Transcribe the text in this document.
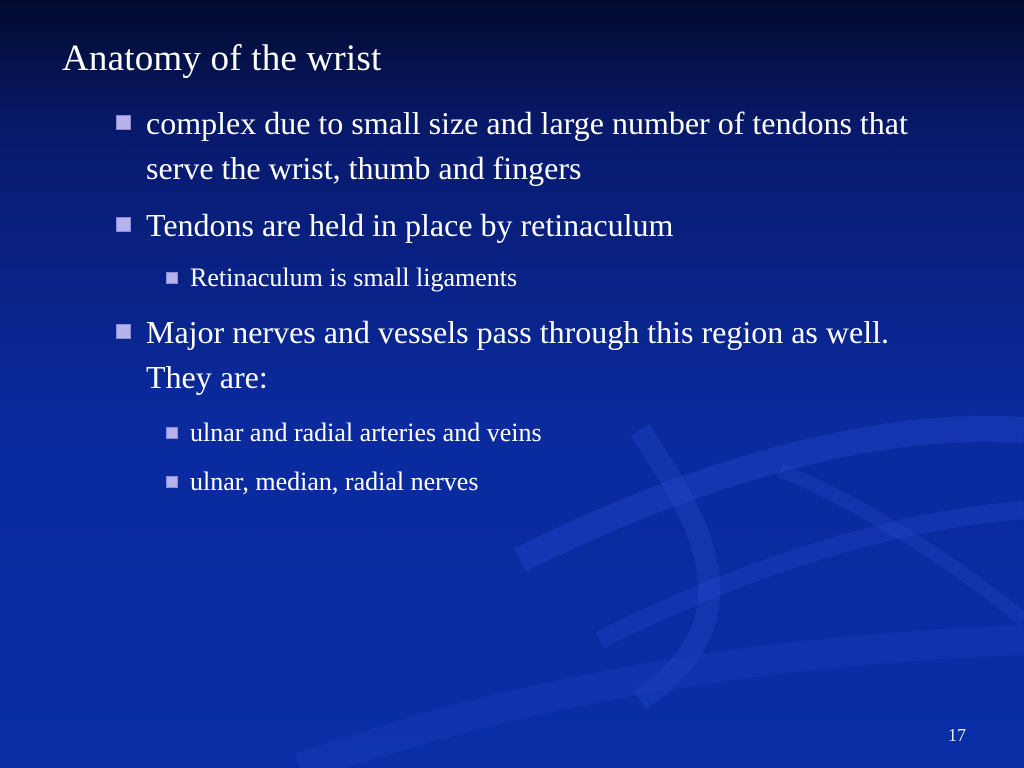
Anatomy of the wrist
complex due to small size and large number of tendons that serve the wrist, thumb and fingers
Tendons are held in place by retinaculum
Retinaculum is small ligaments
Major nerves and vessels pass through this region as well. They are:
ulnar and radial arteries and veins
ulnar, median, radial nerves
17
